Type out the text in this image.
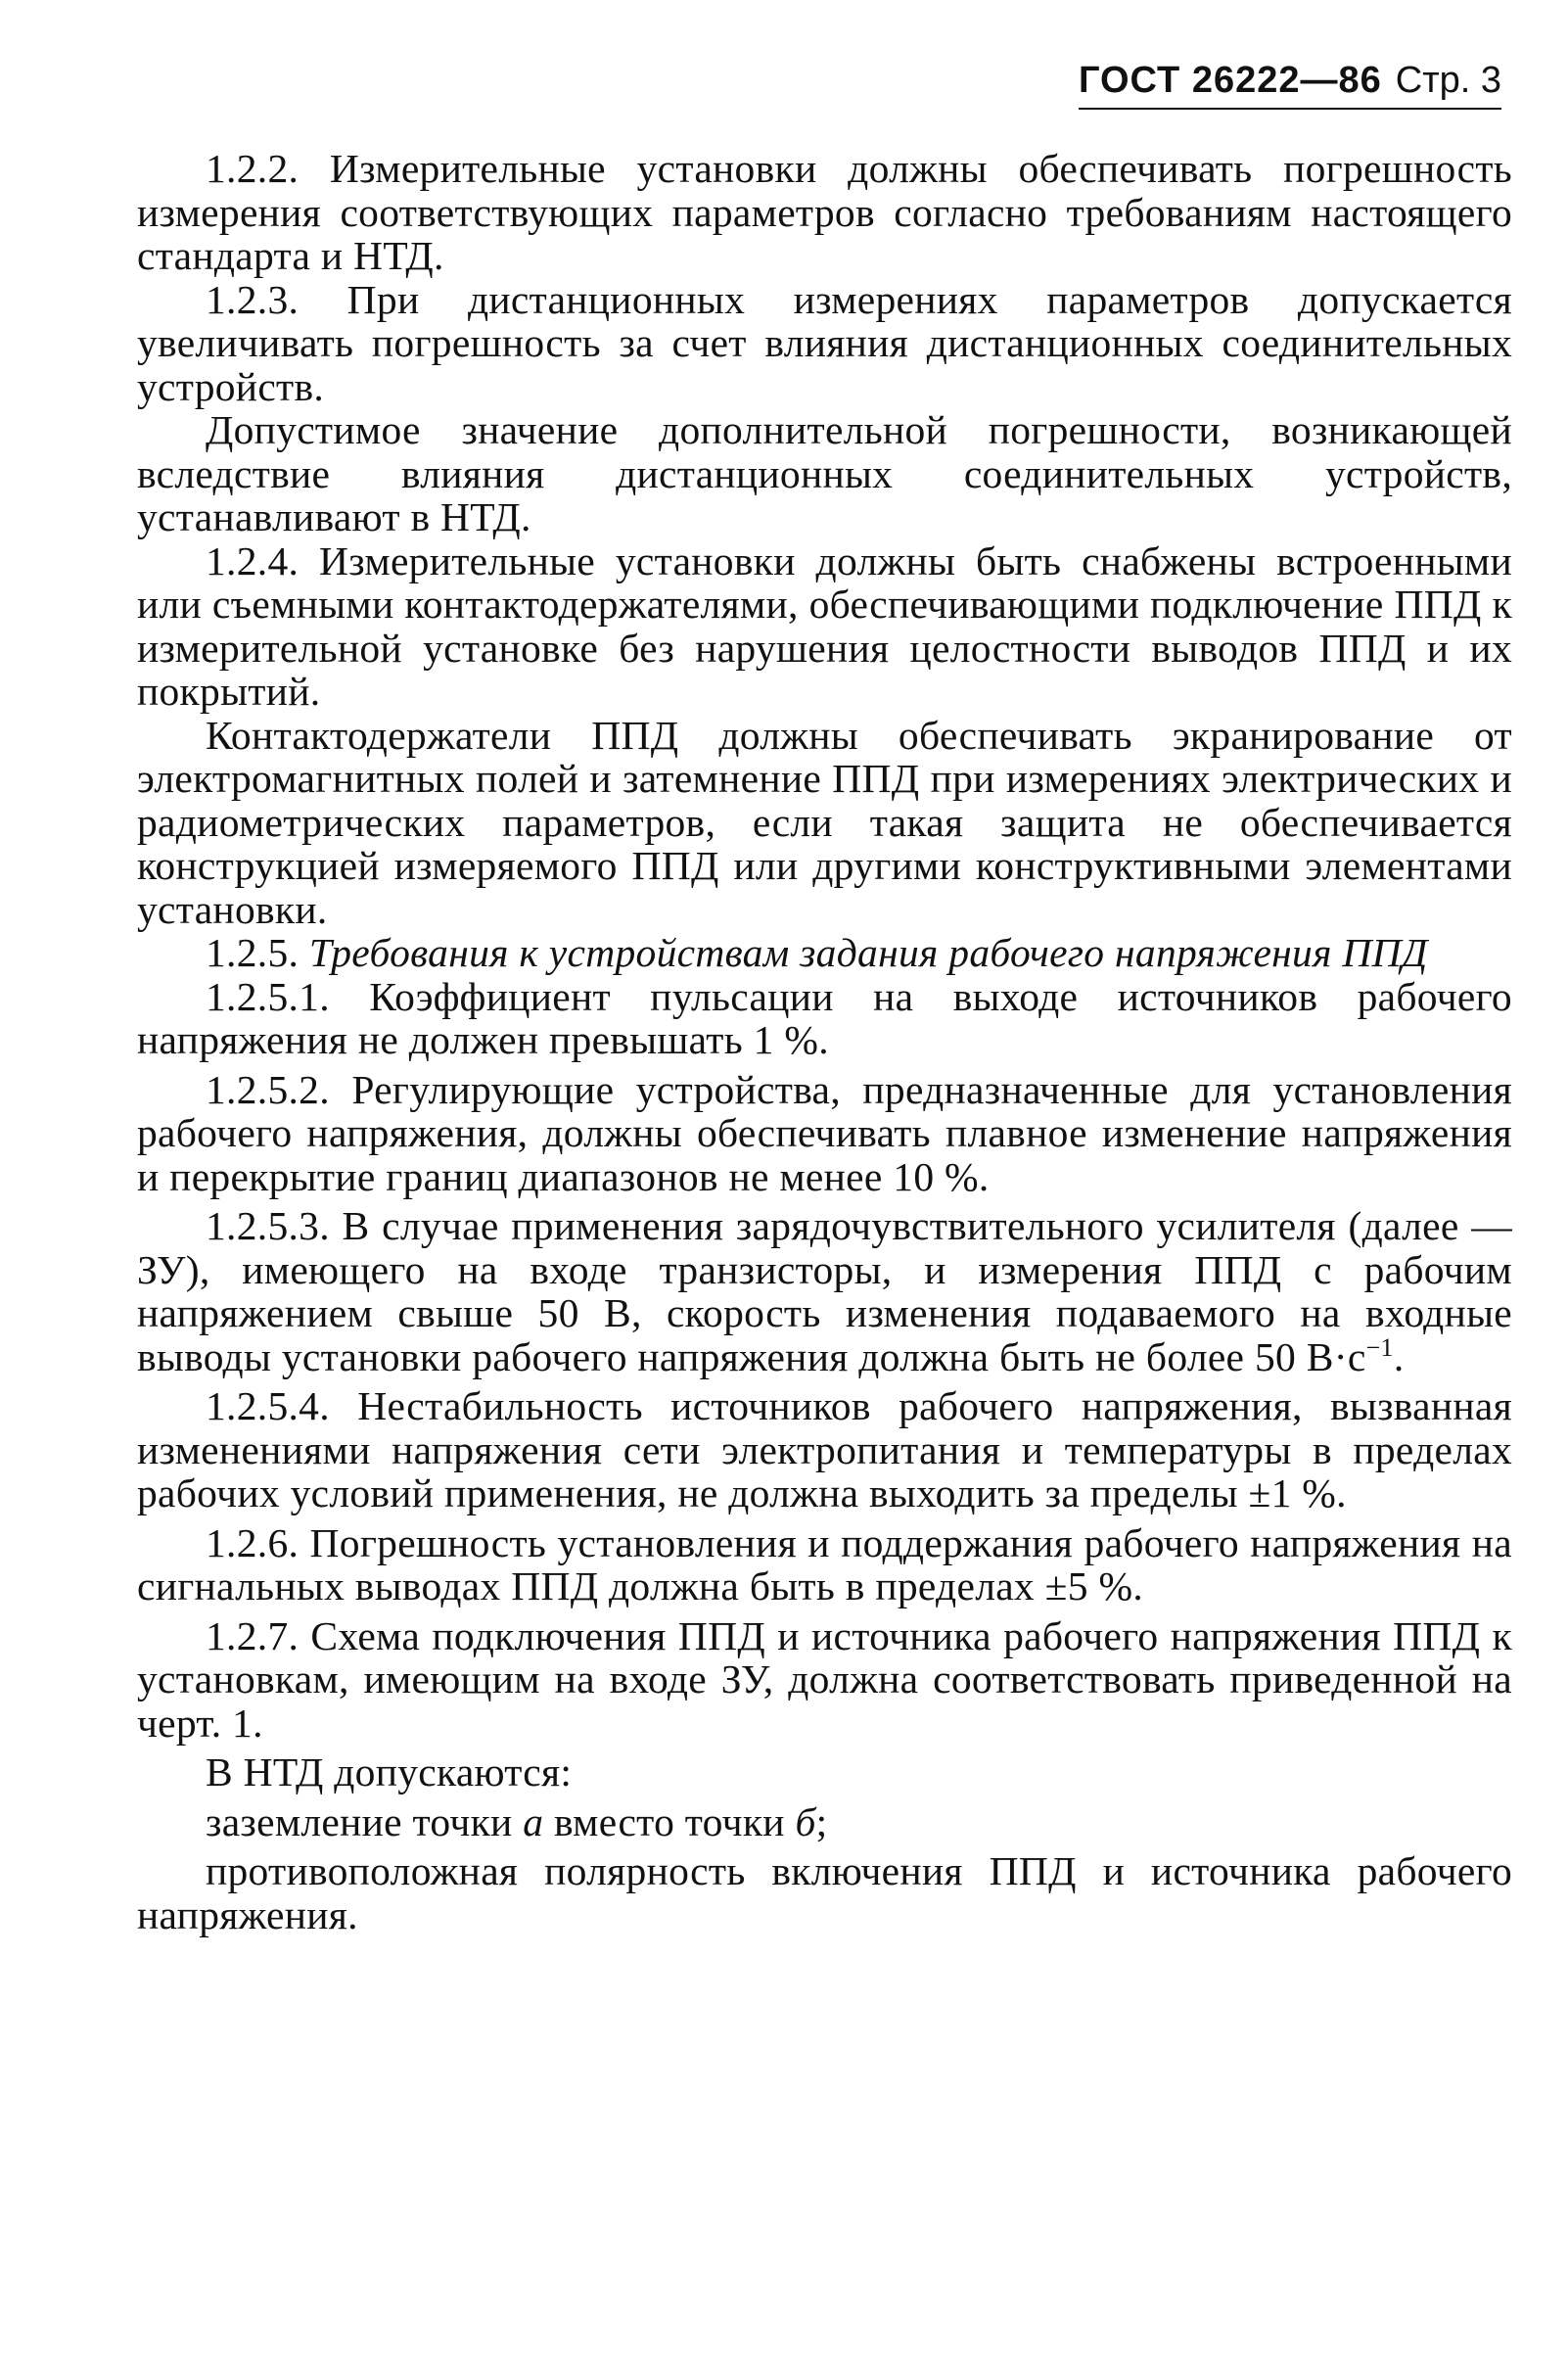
ГОСТ 26222—86 Стр. 3

1.2.2. Измерительные установки должны обеспечивать погрешность измерения соответствующих параметров согласно требованиям настоящего стандарта и НТД.

1.2.3. При дистанционных измерениях параметров допускается увеличивать погрешность за счет влияния дистанционных соединительных устройств.

Допустимое значение дополнительной погрешности, возникающей вследствие влияния дистанционных соединительных устройств, устанавливают в НТД.

1.2.4. Измерительные установки должны быть снабжены встроенными или съемными контактодержателями, обеспечивающими подключение ППД к измерительной установке без нарушения целостности выводов ППД и их покрытий.

Контактодержатели ППД должны обеспечивать экранирование от электромагнитных полей и затемнение ППД при измерениях электрических и радиометрических параметров, если такая защита не обеспечивается конструкцией измеряемого ППД или другими конструктивными элементами установки.

1.2.5. Требования к устройствам задания рабочего напряжения ППД

1.2.5.1. Коэффициент пульсации на выходе источников рабочего напряжения не должен превышать 1 %.

1.2.5.2. Регулирующие устройства, предназначенные для установления рабочего напряжения, должны обеспечивать плавное изменение напряжения и перекрытие границ диапазонов не менее 10 %.

1.2.5.3. В случае применения зарядочувствительного усилителя (далее — ЗУ), имеющего на входе транзисторы, и измерения ППД с рабочим напряжением свыше 50 В, скорость изменения подаваемого на входные выводы установки рабочего напряжения должна быть не более 50 $В\cdot с^{-1}$.

1.2.5.4. Нестабильность источников рабочего напряжения, вызванная изменениями напряжения сети электропитания и температуры в пределах рабочих условий применения, не должна выходить за пределы ±1 %.

1.2.6. Погрешность установления и поддержания рабочего напряжения на сигнальных выводах ППД должна быть в пределах ±5 %.

1.2.7. Схема подключения ППД и источника рабочего напряжения ППД к установкам, имеющим на входе ЗУ, должна соответствовать приведенной на черт. 1.

В НТД допускаются:

заземление точки а вместо точки б;

противоположная полярность включения ППД и источника рабочего напряжения.
